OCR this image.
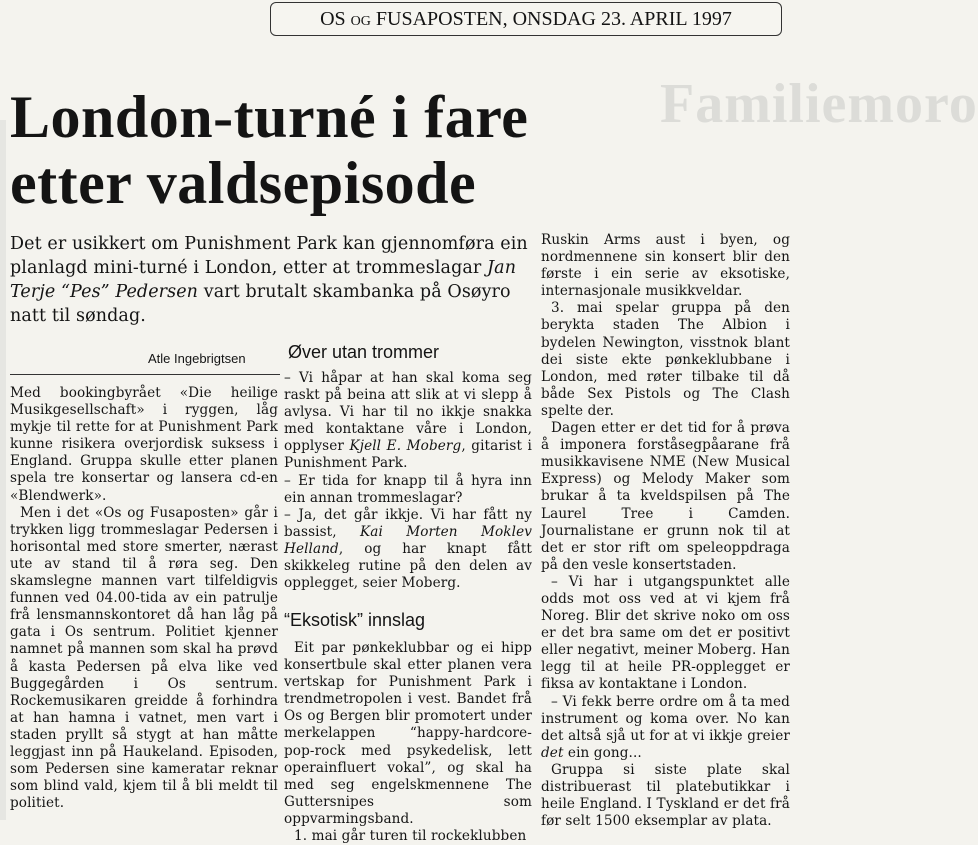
Familiemoro
OS OG FUSAPOSTEN, ONSDAG 23. APRIL 1997
London-turné i fare
etter valdsepisode
Det er usikkert om Punishment Park kan gjennomføra ein planlagd mini-turné i London, etter at trommeslagar Jan Terje “Pes” Pedersen vart brutalt skambanka på Osøyro natt til søndag.
Atle Ingebrigtsen

Med bookingbyrået «Die heilige Musikgesellschaft» i ryggen, låg mykje til rette for at Punishment Park kunne risikera overjordisk suksess i England. Gruppa skulle etter planen spela tre konsertar og lansera cd-en «Blendwerk».

Men i det «Os og Fusaposten» går i trykken ligg trommeslagar Pedersen i horisontal med store smerter, nærast ute av stand til å røra seg. Den skamslegne mannen vart tilfeldigvis funnen ved 04.00-tida av ein patrulje frå lensmannskontoret då han låg på gata i Os sentrum. Politiet kjenner namnet på mannen som skal ha prøvd å kasta Pedersen på elva like ved Buggegården i Os sentrum. Rockemusikaren greidde å forhindra at han hamna i vatnet, men vart i staden pryllt så stygt at han måtte leggjast inn på Haukeland. Episoden, som Pedersen sine kameratar reknar som blind vald, kjem til å bli meldt til politiet.

Øver utan trommer

– Vi håpar at han skal koma seg raskt på beina att slik at vi slepp å avlysa. Vi har til no ikkje snakka med kontaktane våre i London, opplyser Kjell E. Moberg, gitarist i Punishment Park.

– Er tida for knapp til å hyra inn ein annan trommeslagar?

– Ja, det går ikkje. Vi har fått ny bassist, Kai Morten Moklev Helland, og har knapt fått skikkeleg rutine på den delen av opplegget, seier Moberg.

“Eksotisk” innslag

Eit par pønkeklubbar og ei hipp konsertbule skal etter planen vera vertskap for Punishment Park i trendmetropolen i vest. Bandet frå Os og Bergen blir promotert under merkelappen “happy-hardcore-pop-rock med psykedelisk, lett operainfluert vokal”, og skal ha med seg engelskmennene The Guttersnipes som oppvarmingsband.

1. mai går turen til rockeklubben

Ruskin Arms aust i byen, og nordmennene sin konsert blir den første i ein serie av eksotiske, internasjonale musikkveldar.

3. mai spelar gruppa på den berykta staden The Albion i bydelen Newington, visstnok blant dei siste ekte pønkeklubbane i London, med røter tilbake til då både Sex Pistols og The Clash spelte der.

Dagen etter er det tid for å prøva å imponera forståsegpåarane frå musikkavisene NME (New Musical Express) og Melody Maker som brukar å ta kveldspilsen på The Laurel Tree i Camden. Journalistane er grunn nok til at det er stor rift om speleoppdraga på den vesle konsertstaden.

– Vi har i utgangspunktet alle odds mot oss ved at vi kjem frå Noreg. Blir det skrive noko om oss er det bra same om det er positivt eller negativt, meiner Moberg. Han legg til at heile PR-opplegget er fiksa av kontaktane i London.

– Vi fekk berre ordre om å ta med instrument og koma over. No kan det altså sjå ut for at vi ikkje greier det ein gong...

Gruppa si siste plate skal distribuerast til platebutikkar i heile England. I Tyskland er det frå før selt 1500 eksemplar av plata.
